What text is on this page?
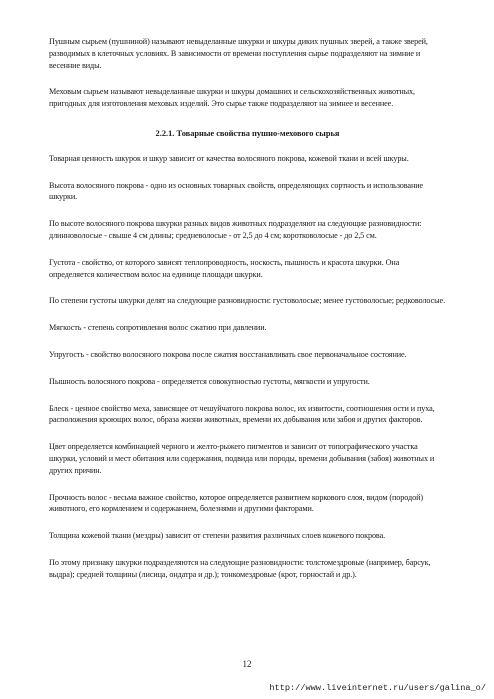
Пушным сырьем (пушниной) называют невыделанные шкурки и шкуры диких пушных зверей, а также зверей, разводимых в клеточных условиях. В зависимости от времени поступления сырье подразделяют на зимние и весенние виды.

Меховым сырьем называют невыделанные шкурки и шкуры домашних и сельскохозяйственных животных, пригодных для изготовления меховых изделий. Это сырье также подразделяют на зимнее и весеннее.

2.2.1. Товарные свойства пушно-мехового сырья

Товарная ценность шкурок и шкур зависит от качества волосяного покрова, кожевой ткани и всей шкуры.

Высота волосяного покрова - одно из основных товарных свойств, определяющих сортность и использование шкурки.

По высоте волосяного покрова шкурки разных видов животных подразделяют на следующие разновидности: длинноволосые - свыше 4 см длины; средневолосые - от 2,5 до 4 см; коротковолосые - до 2,5 см.

Густота - свойство, от которого зависят теплопроводность, носкость, пышность и красота шкурки. Она определяется количеством волос на единице площади шкурки.

По степени густоты шкурки делят на следующие разновидности: густоволосые; менее густоволосые; редковолосые.

Мягкость - степень сопротивления волос сжатию при давлении.

Упругость - свойство волосяного покрова после сжатия восстанавливать свое первоначальное состояние.

Пышность волосяного покрова - определяется совокупностью густоты, мягкости и упругости.

Блеск - ценное свойство меха, зависящее от чешуйчатого покрова волос, их извитости, соотношения ости и пуха, расположения кроющих волос, образа жизни животных, времени их добывания или забоя и других факторов.

Цвет определяется комбинацией черного и желто-рыжего пигментов и зависит от топографического участка шкурки, условий и мест обитания или содержания, подвида или породы, времени добывания (забоя) животных и других причин.

Прочность волос - весьма важное свойство, которое определяется развитием коркового слоя, видом (породой) животного, его кормлением и содержанием, болезнями и другими факторами.

Толщина кожевой ткани (мездры) зависит от степени развития различных слоев кожевого покрова.

По этому признаку шкурки подразделяются на следующие разновидности: толстомездровые (например, барсук, выдра); средней толщины (лисица, ондатра и др.); тонкомездровые (крот, горностай и др.).

12
http://www.liveinternet.ru/users/galina_o/
